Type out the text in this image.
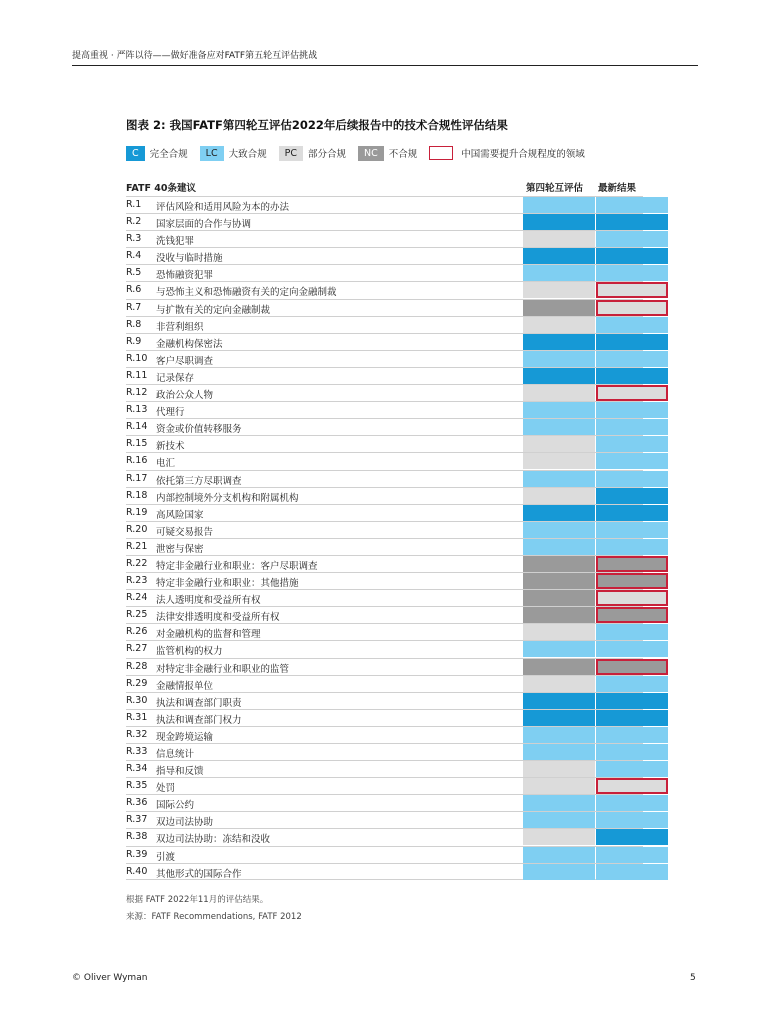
提高重视 · 严阵以待——做好准备应对FATF第五轮互评估挑战
图表 2: 我国FATF第四轮互评估2022年后续报告中的技术合规性评估结果
C	完全合规	LC	大致合规	PC	部分合规	NC	不合规	中国需要提升合规程度的领域
FATF 40条建议	第四轮互评估 最新结果
R.1 评估风险和适用风险为本的办法
R.2 国家层面的合作与协调
R.3 洗钱犯罪
R.4 没收与临时措施
R.5 恐怖融资犯罪
R.6 与恐怖主义和恐怖融资有关的定向金融制裁
R.7 与扩散有关的定向金融制裁
R.8 非营利组织
R.9 金融机构保密法
R.10 客户尽职调查
R.11 记录保存
R.12 政治公众人物
R.13 代理行
R.14 资金或价值转移服务
R.15 新技术
R.16 电汇
R.17 依托第三方尽职调查
R.18 内部控制境外分支机构和附属机构
R.19 高风险国家
R.20 可疑交易报告
R.21 泄密与保密
R.22 特定非金融行业和职业：客户尽职调查
R.23 特定非金融行业和职业：其他措施
R.24 法人透明度和受益所有权
R.25 法律安排透明度和受益所有权
R.26 对金融机构的监督和管理
R.27 监管机构的权力
R.28 对特定非金融行业和职业的监管
R.29 金融情报单位
R.30 执法和调查部门职责
R.31 执法和调查部门权力
R.32 现金跨境运输
R.33 信息统计
R.34 指导和反馈
R.35 处罚
R.36 国际公约
R.37 双边司法协助
R.38 双边司法协助：冻结和没收
R.39 引渡
R.40 其他形式的国际合作
根据 FATF 2022年11月的评估结果。
来源：FATF Recommendations, FATF 2012
© Oliver Wyman	5
